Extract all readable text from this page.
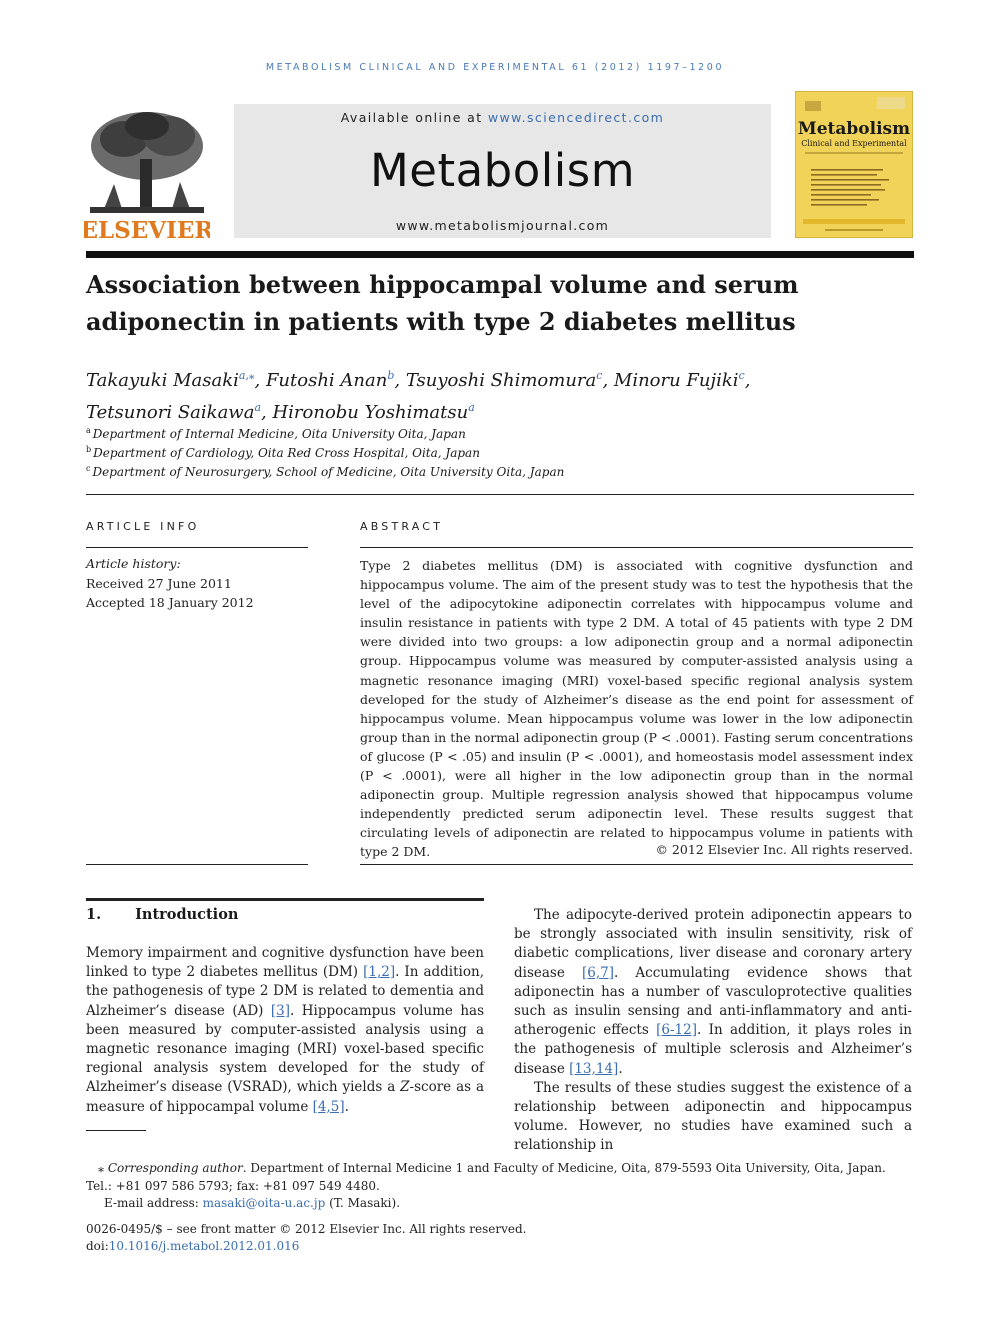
METABOLISM CLINICAL AND EXPERIMENTAL 61 (2012) 1197–1200
ELSEVIER
Available online at www.sciencedirect.com
Metabolism
www.metabolismjournal.com
Metabolism
Clinical and Experimental
Association between hippocampal volume and serum adiponectin in patients with type 2 diabetes mellitus
Takayuki Masaki$^{a,⁎}$, Futoshi Anan$^b$, Tsuyoshi Shimomura$^c$, Minoru Fujiki$^c$,
Tetsunori Saikawa$^a$, Hironobu Yoshimatsu$^a$
$^a$ Department of Internal Medicine, Oita University Oita, Japan
$^b$ Department of Cardiology, Oita Red Cross Hospital, Oita, Japan
$^c$ Department of Neurosurgery, School of Medicine, Oita University Oita, Japan
ARTICLE INFO
Article history:
Received 27 June 2011
Accepted 18 January 2012
ABSTRACT
Type 2 diabetes mellitus (DM) is associated with cognitive dysfunction and hippocampus volume. The aim of the present study was to test the hypothesis that the level of the adipocytokine adiponectin correlates with hippocampus volume and insulin resistance in patients with type 2 DM. A total of 45 patients with type 2 DM were divided into two groups: a low adiponectin group and a normal adiponectin group. Hippocampus volume was measured by computer-assisted analysis using a magnetic resonance imaging (MRI) voxel-based specific regional analysis system developed for the study of Alzheimer’s disease as the end point for assessment of hippocampus volume. Mean hippocampus volume was lower in the low adiponectin group than in the normal adiponectin group (P < .0001). Fasting serum concentrations of glucose (P < .05) and insulin (P < .0001), and homeostasis model assessment index (P < .0001), were all higher in the low adiponectin group than in the normal adiponectin group. Multiple regression analysis showed that hippocampus volume independently predicted serum adiponectin level. These results suggest that circulating levels of adiponectin are related to hippocampus volume in patients with type 2 DM.	© 2012 Elsevier Inc. All rights reserved.
1. Introduction

Memory impairment and cognitive dysfunction have been linked to type 2 diabetes mellitus (DM) [1,2]. In addition, the pathogenesis of type 2 DM is related to dementia and Alzheimer’s disease (AD) [3]. Hippocampus volume has been measured by computer-assisted analysis using a magnetic resonance imaging (MRI) voxel-based specific regional analysis system developed for the study of Alzheimer’s disease (VSRAD), which yields a Z-score as a measure of hippocampal volume [4,5].

The adipocyte-derived protein adiponectin appears to be strongly associated with insulin sensitivity, risk of diabetic complications, liver disease and coronary artery disease [6,7]. Accumulating evidence shows that adiponectin has a number of vasculoprotective qualities such as insulin sensing and anti-inflammatory and anti-atherogenic effects [6-12]. In addition, it plays roles in the pathogenesis of multiple sclerosis and Alzheimer’s disease [13,14].

The results of these studies suggest the existence of a relationship between adiponectin and hippocampus volume. However, no studies have examined such a relationship in

⁎ Corresponding author. Department of Internal Medicine 1 and Faculty of Medicine, Oita, 879-5593 Oita University, Oita, Japan. Tel.: +81 097 586 5793; fax: +81 097 549 4480.
E-mail address: masaki@oita-u.ac.jp (T. Masaki).
0026-0495/$ – see front matter © 2012 Elsevier Inc. All rights reserved.
doi:10.1016/j.metabol.2012.01.016
